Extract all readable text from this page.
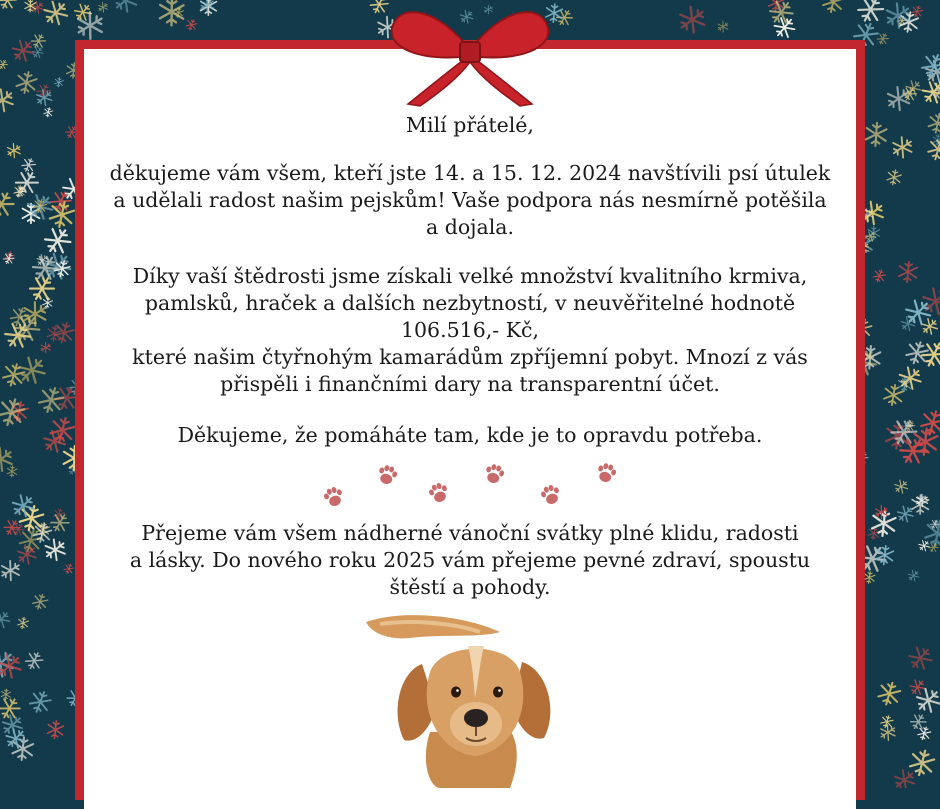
Milí přátelé,
děkujeme vám všem, kteří jste 14. a 15. 12. 2024 navštívili psí útulek
a udělali radost našim pejskům! Vaše podpora nás nesmírně potěšila
a dojala.
Díky vaší štědrosti jsme získali velké množství kvalitního krmiva,
pamlsků, hraček a dalších nezbytností, v neuvěřitelné hodnotě
106.516,- Kč,
které našim čtyřnohým kamarádům zpříjemní pobyt. Mnozí z vás
přispěli i finančními dary na transparentní účet.
Děkujeme, že pomáháte tam, kde je to opravdu potřeba.
Přejeme vám všem nádherné vánoční svátky plné klidu, radosti
a lásky. Do nového roku 2025 vám přejeme pevné zdraví, spoustu
štěstí a pohody.
